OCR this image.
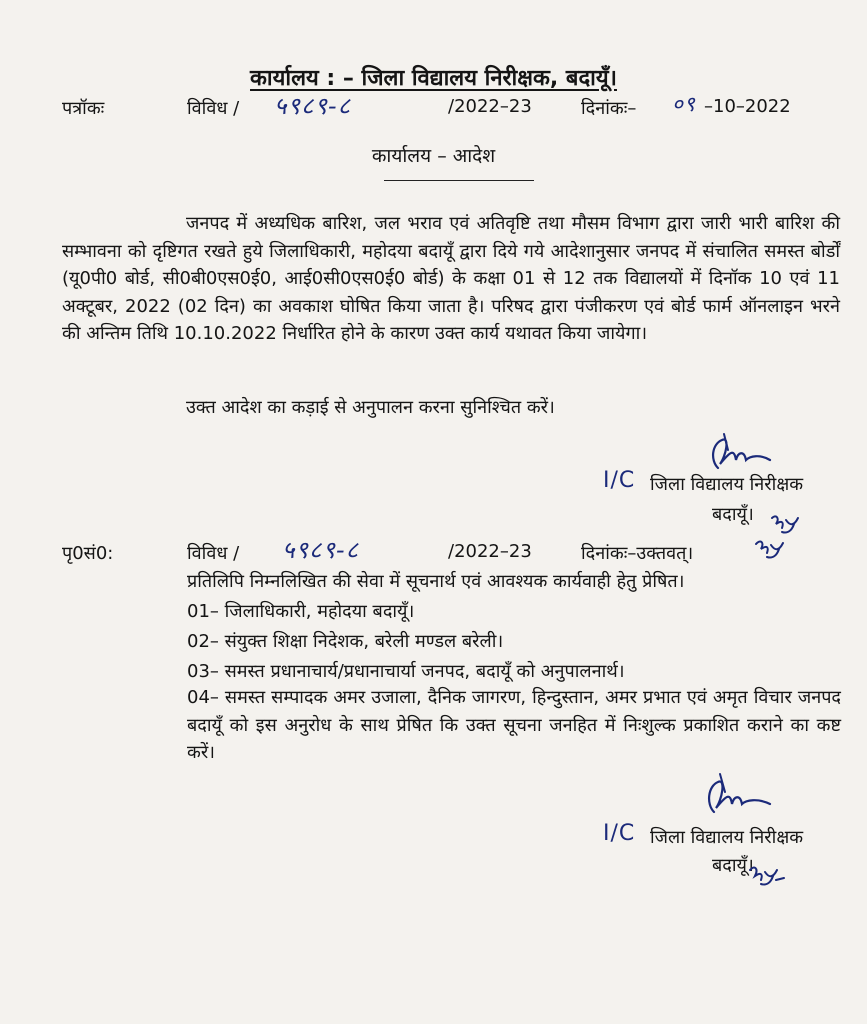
कार्यालय : – जिला विद्यालय निरीक्षक, बदायूँ।
पत्रॉकः	विविध / ५९८९-८	/2022–23	दिनांकः– ०९ –10–2022
कार्यालय – आदेश
जनपद में अध्यधिक बारिश, जल भराव एवं अतिवृष्टि तथा मौसम विभाग द्वारा जारी भारी बारिश की सम्भावना को दृष्टिगत रखते हुये जिलाधिकारी, महोदया बदायूँ द्वारा दिये गये आदेशानुसार जनपद में संचालित समस्त बोर्डों (यू0पी0 बोर्ड, सी0बी0एस0ई0, आई0सी0एस0ई0 बोर्ड) के कक्षा 01 से 12 तक विद्यालयों में दिनॉक 10 एवं 11 अक्टूबर, 2022 (02 दिन) का अवकाश घोषित किया जाता है। परिषद द्वारा पंजीकरण एवं बोर्ड फार्म ऑनलाइन भरने की अन्तिम तिथि 10.10.2022 निर्धारित होने के कारण उक्त कार्य यथावत किया जायेगा।
उक्त आदेश का कड़ाई से अनुपालन करना सुनिश्चित करें।
I/C जिला विद्यालय निरीक्षक
बदायूँ।
पृ0सं0:	विविध / ५९८९-८	/2022–23	दिनांकः–उक्तवत्।
प्रतिलिपि निम्नलिखित की सेवा में सूचनार्थ एवं आवश्यक कार्यवाही हेतु प्रेषित।
01– जिलाधिकारी, महोदया बदायूँ।
02– संयुक्त शिक्षा निदेशक, बरेली मण्डल बरेली।
03– समस्त प्रधानाचार्य/प्रधानाचार्या जनपद, बदायूँ को अनुपालनार्थ।
04– समस्त सम्पादक अमर उजाला, दैनिक जागरण, हिन्दुस्तान, अमर प्रभात एवं अमृत विचार जनपद बदायूँ को इस अनुरोध के साथ प्रेषित कि उक्त सूचना जनहित में निःशुल्क प्रकाशित कराने का कष्ट करें।
I/C जिला विद्यालय निरीक्षक
बदायूँ।
